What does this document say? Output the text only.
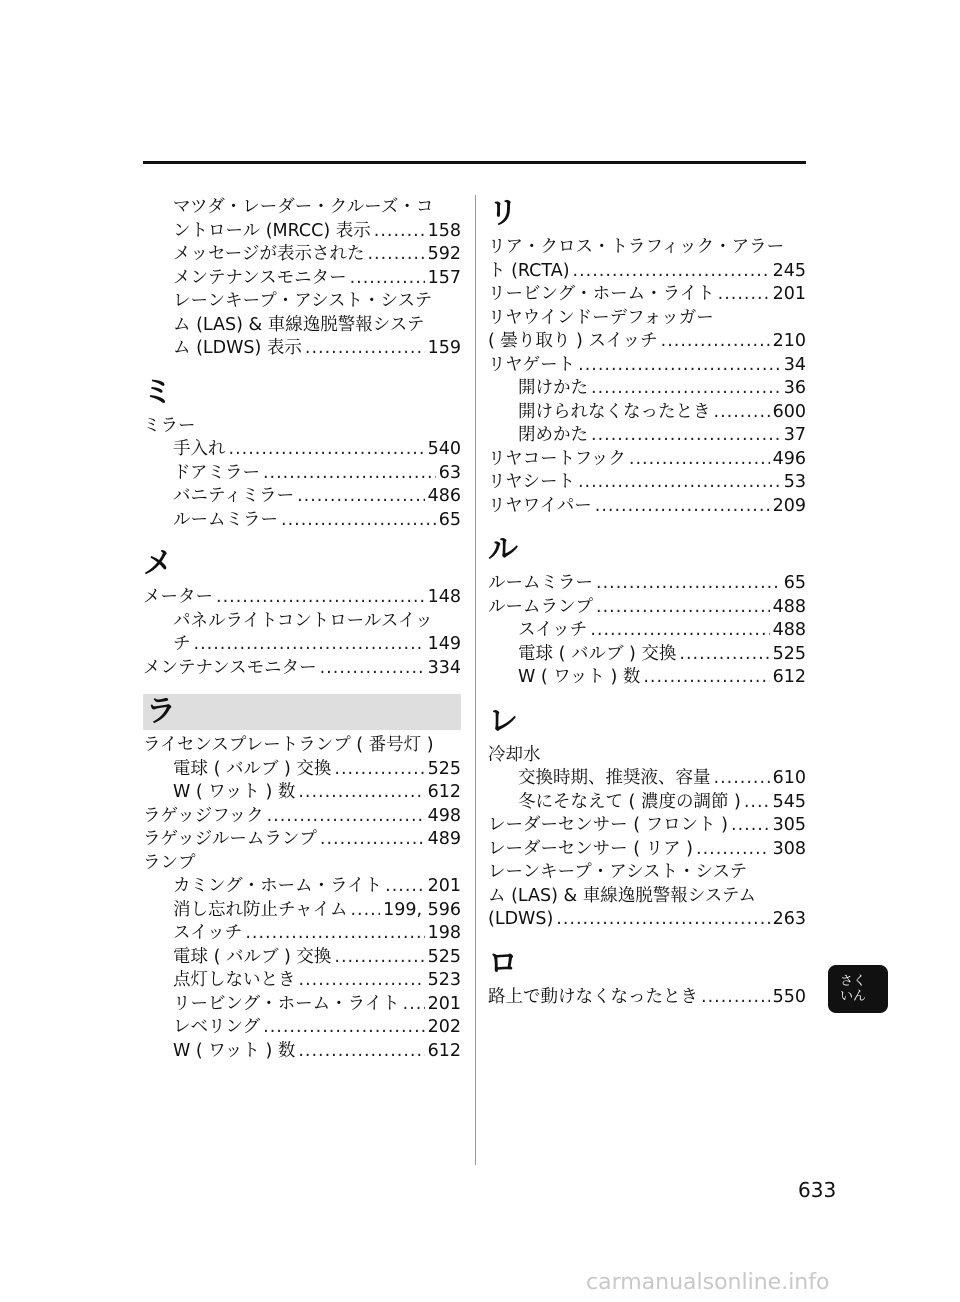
マツダ・レーダー・クルーズ・コ
ントロール (MRCC) 表示 .....	158
メッセージが表示された .....	592
メンテナンスモニター .....	157
レーンキープ・アシスト・システ
ム (LAS) & 車線逸脱警報システ
ム (LDWS) 表示 .....	159
ミ
ミラー
手入れ .....	540
ドアミラー .....	63
バニティミラー .....	486
ルームミラー .....	65
メ
メーター .....	148
パネルライトコントロールスイッ
チ .....	149
メンテナンスモニター .....	334
ラ
ライセンスプレートランプ ( 番号灯 )
電球 ( バルブ ) 交換 .....	525
W ( ワット ) 数 .....	612
ラゲッジフック .....	498
ラゲッジルームランプ .....	489
ランプ
カミング・ホーム・ライト .....	201
消し忘れ防止チャイム ..... 199, 596
スイッチ .....	198
電球 ( バルブ ) 交換 .....	525
点灯しないとき .....	523
リービング・ホーム・ライト ..... 201
レベリング .....	202
W ( ワット ) 数 .....	612
リ
リア・クロス・トラフィック・アラー
ト (RCTA) .....	245
リービング・ホーム・ライト .....	201
リヤウインドーデフォッガー
( 曇り取り ) スイッチ .....	210
リヤゲート .....	34
開けかた .....	36
開けられなくなったとき .....	600
閉めかた .....	37
リヤコートフック .....	496
リヤシート .....	53
リヤワイパー .....	209
ル
ルームミラー .....	65
ルームランプ .....	488
スイッチ .....	488
電球 ( バルブ ) 交換 .....	525
W ( ワット ) 数 .....	612
レ
冷却水
交換時期、推奨液、容量 .....	610
冬にそなえて ( 濃度の調節 ) ..... 545
レーダーセンサー ( フロント ) .....	305
レーダーセンサー ( リア ) .....	308
レーンキープ・アシスト・システ
ム (LAS) & 車線逸脱警報システム
(LDWS) .....	263
ロ
路上で動けなくなったとき .....	550
さく
いん
633
carmanualsonline.info
